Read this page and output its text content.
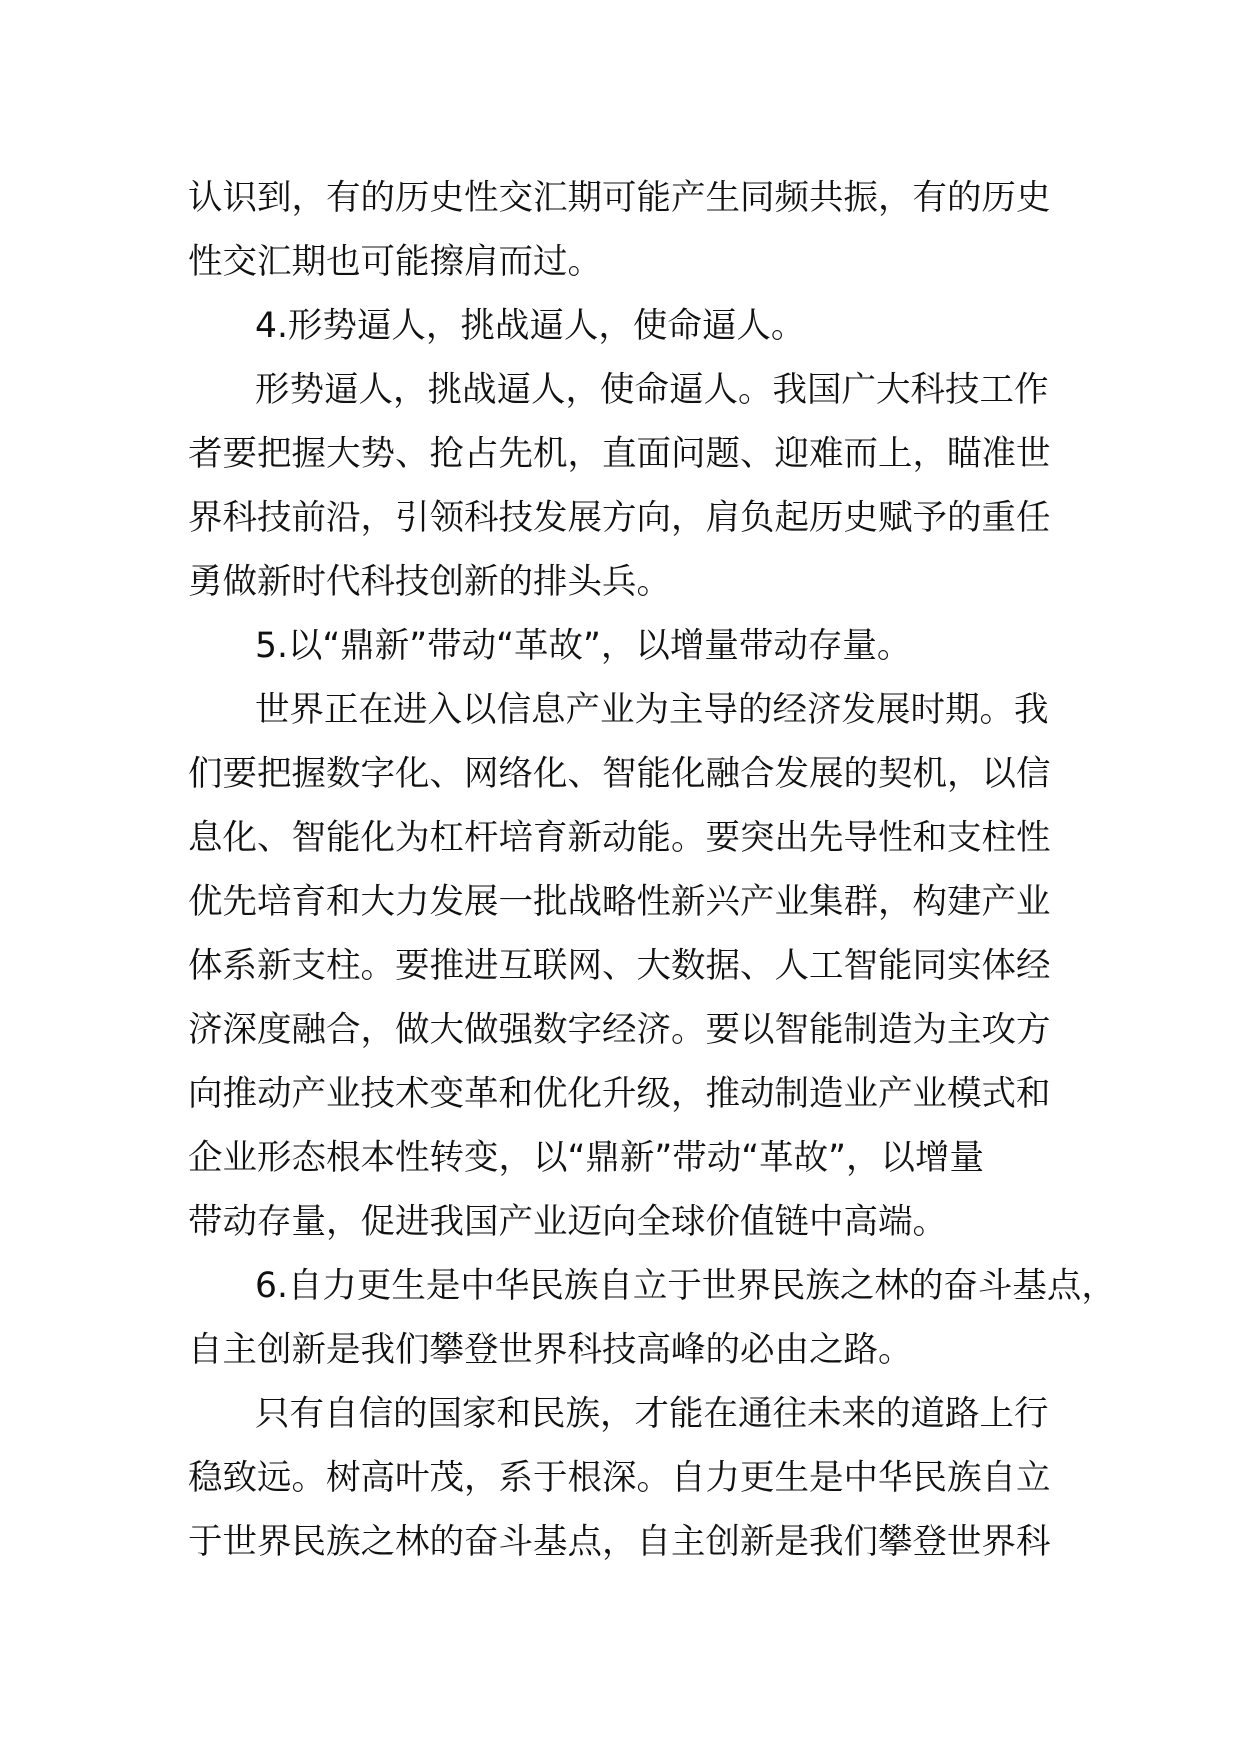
认识到，有的历史性交汇期可能产生同频共振，有的历史
性交汇期也可能擦肩而过。
4.形势逼人，挑战逼人，使命逼人。
形势逼人，挑战逼人，使命逼人。我国广大科技工作
者要把握大势、抢占先机，直面问题、迎难而上，瞄准世
界科技前沿，引领科技发展方向，肩负起历史赋予的重任
勇做新时代科技创新的排头兵。
5.以“鼎新”带动“革故”，以增量带动存量。
世界正在进入以信息产业为主导的经济发展时期。我
们要把握数字化、网络化、智能化融合发展的契机，以信
息化、智能化为杠杆培育新动能。要突出先导性和支柱性
优先培育和大力发展一批战略性新兴产业集群，构建产业
体系新支柱。要推进互联网、大数据、人工智能同实体经
济深度融合，做大做强数字经济。要以智能制造为主攻方
向推动产业技术变革和优化升级，推动制造业产业模式和
企业形态根本性转变，以“鼎新”带动“革故”，以增量
带动存量，促进我国产业迈向全球价值链中高端。
6.自力更生是中华民族自立于世界民族之林的奋斗基点，
自主创新是我们攀登世界科技高峰的必由之路。
只有自信的国家和民族，才能在通往未来的道路上行
稳致远。树高叶茂，系于根深。自力更生是中华民族自立
于世界民族之林的奋斗基点，自主创新是我们攀登世界科
